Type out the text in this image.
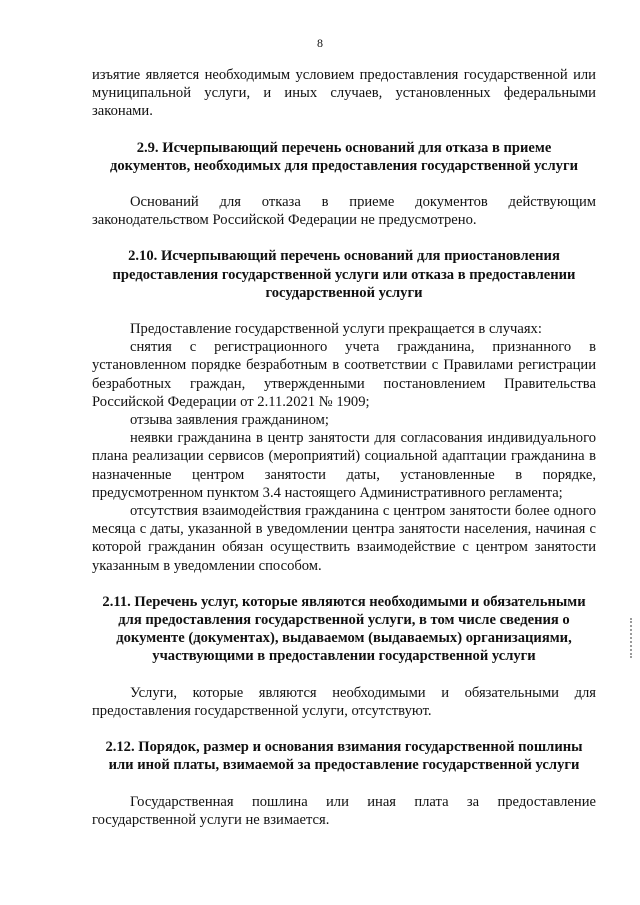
8

изъятие является необходимым условием предоставления государственной или муниципальной услуги, и иных случаев, установленных федеральными законами.

2.9. Исчерпывающий перечень оснований для отказа в приеме документов, необходимых для предоставления государственной услуги

Оснований для отказа в приеме документов действующим законодательством Российской Федерации не предусмотрено.

2.10. Исчерпывающий перечень оснований для приостановления предоставления государственной услуги или отказа в предоставлении государственной услуги

Предоставление государственной услуги прекращается в случаях:

снятия с регистрационного учета гражданина, признанного в установленном порядке безработным в соответствии с Правилами регистрации безработных граждан, утвержденными постановлением Правительства Российской Федерации от 2.11.2021 № 1909;

отзыва заявления гражданином;

неявки гражданина в центр занятости для согласования индивидуального плана реализации сервисов (мероприятий) социальной адаптации гражданина в назначенные центром занятости даты, установленные в порядке, предусмотренном пунктом 3.4 настоящего Административного регламента;

отсутствия взаимодействия гражданина с центром занятости более одного месяца с даты, указанной в уведомлении центра занятости населения, начиная с которой гражданин обязан осуществить взаимодействие с центром занятости указанным в уведомлении способом.

2.11. Перечень услуг, которые являются необходимыми и обязательными для предоставления государственной услуги, в том числе сведения о документе (документах), выдаваемом (выдаваемых) организациями, участвующими в предоставлении государственной услуги

Услуги, которые являются необходимыми и обязательными для предоставления государственной услуги, отсутствуют.

2.12. Порядок, размер и основания взимания государственной пошлины или иной платы, взимаемой за предоставление государственной услуги

Государственная пошлина или иная плата за предоставление государственной услуги не взимается.
